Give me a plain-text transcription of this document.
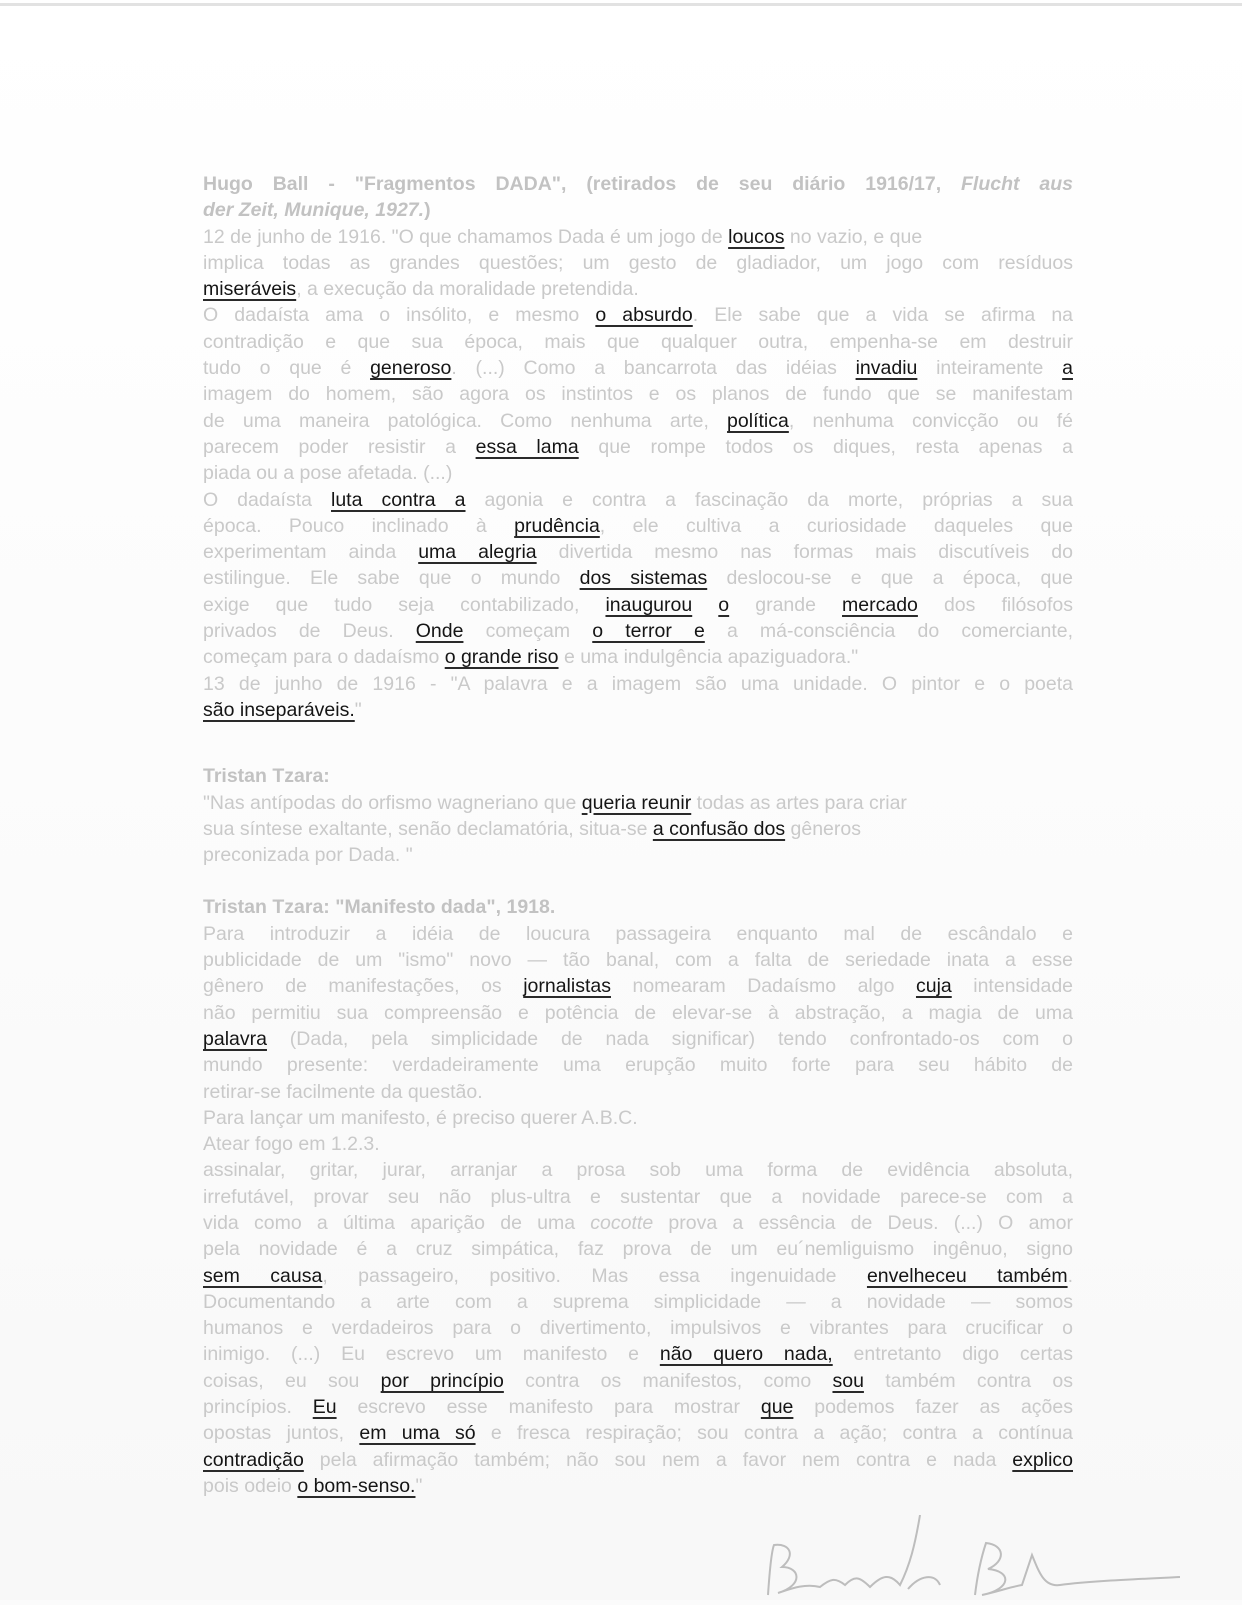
Hugo Ball - "Fragmentos DADA", (retirados de seu diário 1916/17, Flucht aus
der Zeit, Munique, 1927.)
12 de junho de 1916. "O que chamamos Dada é um jogo de loucos no vazio, e que
implica todas as grandes questões; um gesto de gladiador, um jogo com resíduos
miseráveis, a execução da moralidade pretendida.
O dadaísta ama o insólito, e mesmo o absurdo. Ele sabe que a vida se afirma na
contradição e que sua época, mais que qualquer outra, empenha-se em destruir
tudo o que é generoso. (...) Como a bancarrota das idéias invadiu inteiramente a
imagem do homem, são agora os instintos e os planos de fundo que se manifestam
de uma maneira patológica. Como nenhuma arte, política, nenhuma convicção ou fé
parecem poder resistir a essa lama que rompe todos os diques, resta apenas a
piada ou a pose afetada. (...)
O dadaísta luta contra a agonia e contra a fascinação da morte, próprias a sua
época. Pouco inclinado à prudência, ele cultiva a curiosidade daqueles que
experimentam ainda uma alegria divertida mesmo nas formas mais discutíveis do
estilingue. Ele sabe que o mundo dos sistemas deslocou-se e que a época, que
exige que tudo seja contabilizado, inaugurou o grande mercado dos filósofos
privados de Deus. Onde começam o terror e a má-consciência do comerciante,
começam para o dadaísmo o grande riso e uma indulgência apaziguadora."
13 de junho de 1916 - "A palavra e a imagem são uma unidade. O pintor e o poeta
são inseparáveis."
Tristan Tzara:
"Nas antípodas do orfismo wagneriano que queria reunir todas as artes para criar
sua síntese exaltante, senão declamatória, situa-se a confusão dos gêneros
preconizada por Dada. "
Tristan Tzara: "Manifesto dada", 1918.
Para introduzir a idéia de loucura passageira enquanto mal de escândalo e
publicidade de um "ismo" novo — tão banal, com a falta de seriedade inata a esse
gênero de manifestações, os jornalistas nomearam Dadaísmo algo cuja intensidade
não permitiu sua compreensão e potência de elevar-se à abstração, a magia de uma
palavra (Dada, pela simplicidade de nada significar) tendo confrontado-os com o
mundo presente: verdadeiramente uma erupção muito forte para seu hábito de
retirar-se facilmente da questão.
Para lançar um manifesto, é preciso querer A.B.C.
Atear fogo em 1.2.3.
assinalar, gritar, jurar, arranjar a prosa sob uma forma de evidência absoluta,
irrefutável, provar seu não plus-ultra e sustentar que a novidade parece-se com a
vida como a última aparição de uma cocotte prova a essência de Deus. (...) O amor
pela novidade é a cruz simpática, faz prova de um eu´nemliguismo ingênuo, signo
sem causa, passageiro, positivo. Mas essa ingenuidade envelheceu também.
Documentando a arte com a suprema simplicidade — a novidade — somos
humanos e verdadeiros para o divertimento, impulsivos e vibrantes para crucificar o
inimigo. (...) Eu escrevo um manifesto e não quero nada, entretanto digo certas
coisas, eu sou por princípio contra os manifestos, como sou também contra os
princípios. Eu escrevo esse manifesto para mostrar que podemos fazer as ações
opostas juntos, em uma só e fresca respiração; sou contra a ação; contra a contínua
contradição pela afirmação também; não sou nem a favor nem contra e nada explico
pois odeio o bom-senso."
